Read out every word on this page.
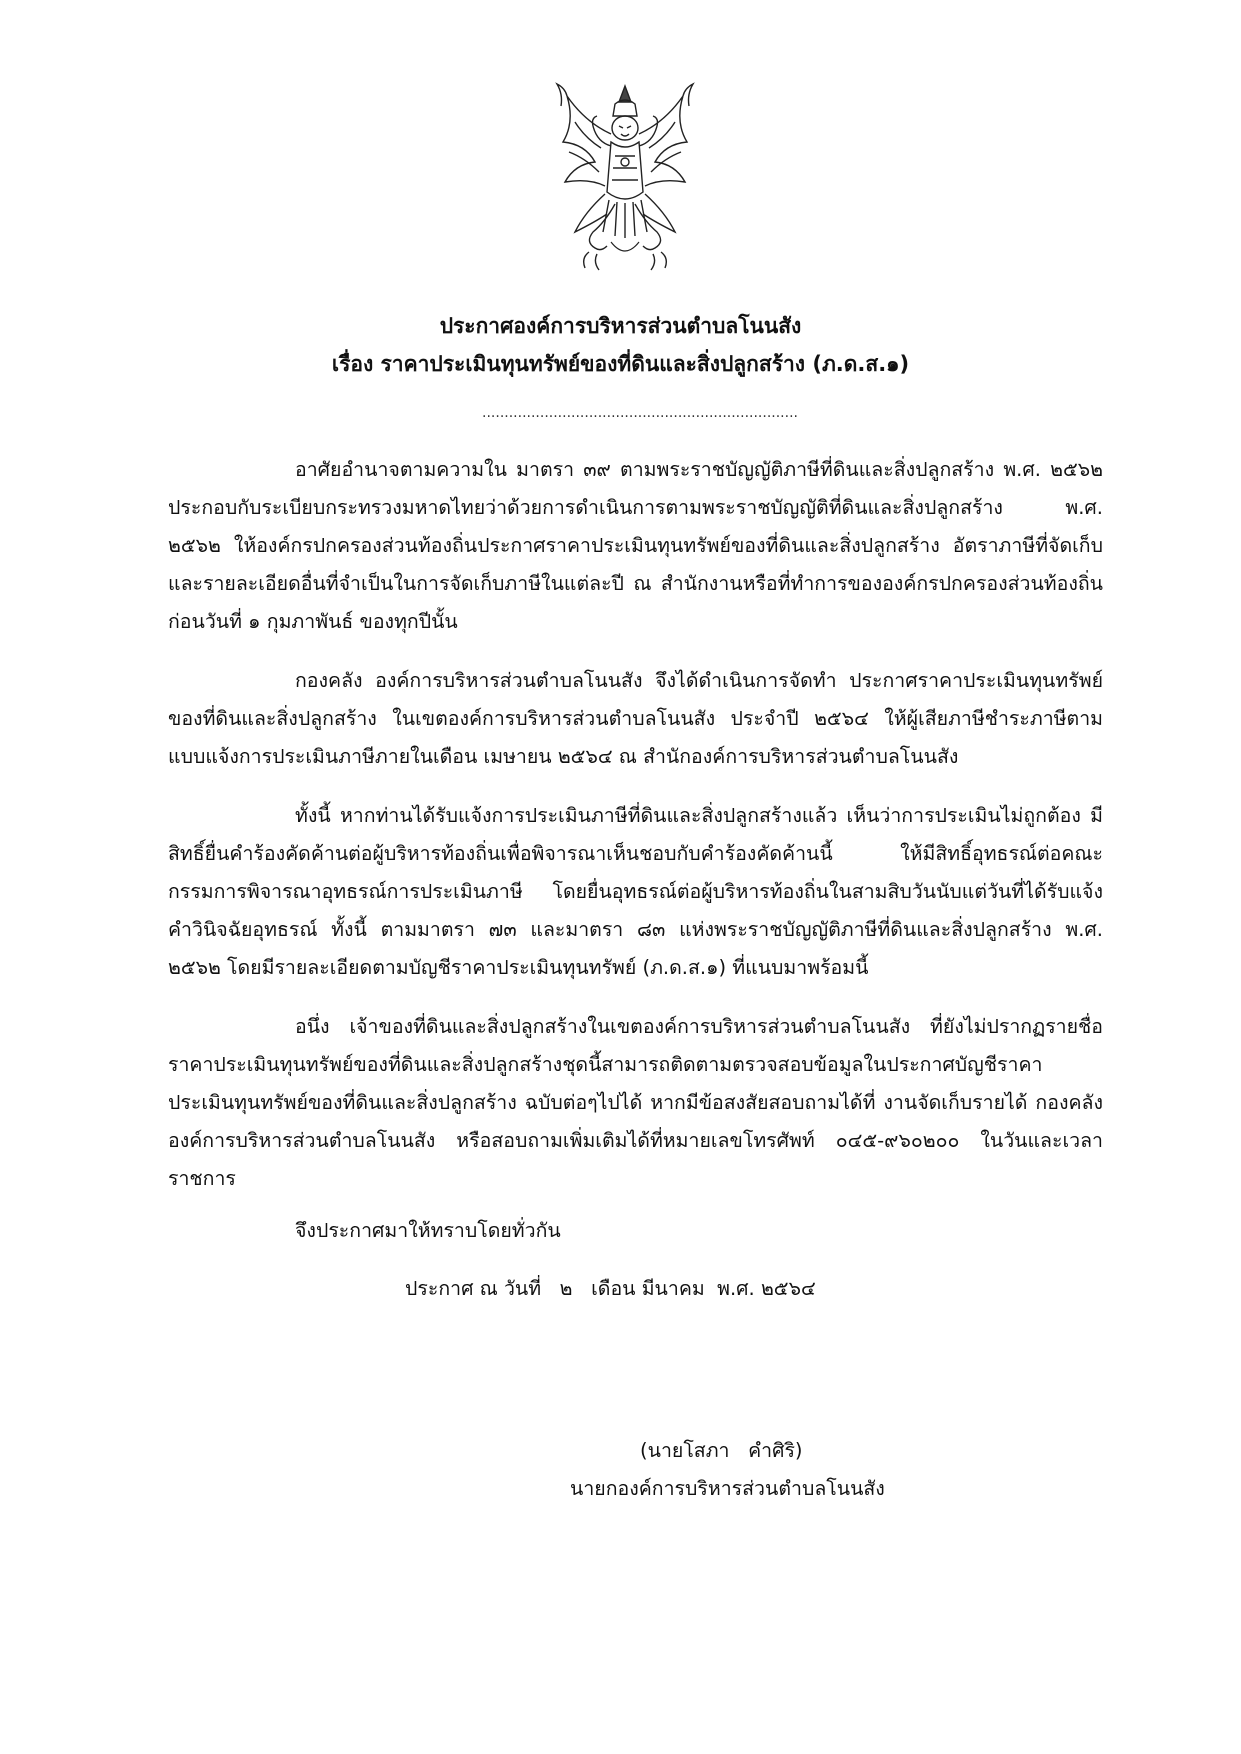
ประกาศองค์การบริหารส่วนตำบลโนนสัง
เรื่อง ราคาประเมินทุนทรัพย์ของที่ดินและสิ่งปลูกสร้าง (ภ.ด.ส.๑)
.......................................................................
อาศัยอำนาจตามความใน มาตรา ๓๙ ตามพระราชบัญญัติภาษีที่ดินและสิ่งปลูกสร้าง พ.ศ. ๒๕๖๒ ประกอบกับระเบียบกระทรวงมหาดไทยว่าด้วยการดำเนินการตามพระราชบัญญัติที่ดินและสิ่งปลูกสร้าง พ.ศ. ๒๕๖๒ ให้องค์กรปกครองส่วนท้องถิ่นประกาศราคาประเมินทุนทรัพย์ของที่ดินและสิ่งปลูกสร้าง อัตราภาษีที่จัดเก็บ และรายละเอียดอื่นที่จำเป็นในการจัดเก็บภาษีในแต่ละปี ณ สำนักงานหรือที่ทำการขององค์กรปกครองส่วนท้องถิ่นก่อนวันที่ ๑ กุมภาพันธ์ ของทุกปีนั้น
กองคลัง องค์การบริหารส่วนตำบลโนนสัง จึงได้ดำเนินการจัดทำ ประกาศราคาประเมินทุนทรัพย์ของที่ดินและสิ่งปลูกสร้าง ในเขตองค์การบริหารส่วนตำบลโนนสัง ประจำปี ๒๕๖๔ ให้ผู้เสียภาษีชำระภาษีตามแบบแจ้งการประเมินภาษีภายในเดือน เมษายน ๒๕๖๔ ณ สำนักองค์การบริหารส่วนตำบลโนนสัง
ทั้งนี้ หากท่านได้รับแจ้งการประเมินภาษีที่ดินและสิ่งปลูกสร้างแล้ว เห็นว่าการประเมินไม่ถูกต้อง มีสิทธิ์ยื่นคำร้องคัดค้านต่อผู้บริหารท้องถิ่นเพื่อพิจารณาเห็นชอบกับคำร้องคัดค้านนี้ ให้มีสิทธิ์อุทธรณ์ต่อคณะกรรมการพิจารณาอุทธรณ์การประเมินภาษี โดยยื่นอุทธรณ์ต่อผู้บริหารท้องถิ่นในสามสิบวันนับแต่วันที่ได้รับแจ้งคำวินิจฉัยอุทธรณ์ ทั้งนี้ ตามมาตรา ๗๓ และมาตรา ๘๓ แห่งพระราชบัญญัติภาษีที่ดินและสิ่งปลูกสร้าง พ.ศ. ๒๕๖๒ โดยมีรายละเอียดตามบัญชีราคาประเมินทุนทรัพย์ (ภ.ด.ส.๑) ที่แนบมาพร้อมนี้
อนึ่ง เจ้าของที่ดินและสิ่งปลูกสร้างในเขตองค์การบริหารส่วนตำบลโนนสัง ที่ยังไม่ปรากฏรายชื่อราคาประเมินทุนทรัพย์ของที่ดินและสิ่งปลูกสร้างชุดนี้สามารถติดตามตรวจสอบข้อมูลในประกาศบัญชีราคาประเมินทุนทรัพย์ของที่ดินและสิ่งปลูกสร้าง ฉบับต่อๆไปได้ หากมีข้อสงสัยสอบถามได้ที่ งานจัดเก็บรายได้ กองคลัง องค์การบริหารส่วนตำบลโนนสัง หรือสอบถามเพิ่มเติมได้ที่หมายเลขโทรศัพท์ ๐๔๕-๙๖๐๒๐๐ ในวันและเวลาราชการ
จึงประกาศมาให้ทราบโดยทั่วกัน
ประกาศ ณ วันที่   ๒   เดือน มีนาคม  พ.ศ. ๒๕๖๔
(นายโสภา   คำศิริ)
นายกองค์การบริหารส่วนตำบลโนนสัง
